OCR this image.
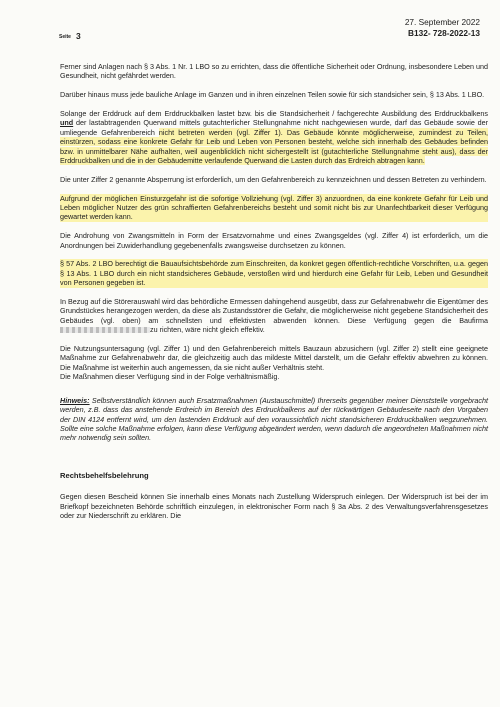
Seite 3
27. September 2022
B132- 728-2022-13

Ferner sind Anlagen nach § 3 Abs. 1 Nr. 1 LBO so zu errichten, dass die öffentliche Sicherheit oder Ordnung, insbesondere Leben und Gesundheit, nicht gefährdet werden.

Darüber hinaus muss jede bauliche Anlage im Ganzen und in ihren einzelnen Teilen sowie für sich standsicher sein, § 13 Abs. 1 LBO.

Solange der Erddruck auf dem Erddruckbalken lastet bzw. bis die Standsicherheit / fachgerechte Ausbildung des Erddruckbalkens und der lastabtragenden Querwand mittels gutachterlicher Stellungnahme nicht nachgewiesen wurde, darf das Gebäude sowie der umliegende Gefahrenbereich nicht betreten werden (vgl. Ziffer 1). Das Gebäude könnte möglicherweise, zumindest zu Teilen, einstürzen, sodass eine konkrete Gefahr für Leib und Leben von Personen besteht, welche sich innerhalb des Gebäudes befinden bzw. in unmittelbarer Nähe aufhalten, weil augenblicklich nicht sichergestellt ist (gutachterliche Stellungnahme steht aus), dass der Erddruckbalken und die in der Gebäudemitte verlaufende Querwand die Lasten durch das Erdreich abtragen kann.

Die unter Ziffer 2 genannte Absperrung ist erforderlich, um den Gefahrenbereich zu kennzeichnen und dessen Betreten zu verhindern.

Aufgrund der möglichen Einsturzgefahr ist die sofortige Vollziehung (vgl. Ziffer 3) anzuordnen, da eine konkrete Gefahr für Leib und Leben möglicher Nutzer des grün schraffierten Gefahrenbereichs besteht und somit nicht bis zur Unanfechtbarkeit dieser Verfügung gewartet werden kann.

Die Androhung von Zwangsmitteln in Form der Ersatzvornahme und eines Zwangsgeldes (vgl. Ziffer 4) ist erforderlich, um die Anordnungen bei Zuwiderhandlung gegebenenfalls zwangsweise durchsetzen zu können.

§ 57 Abs. 2 LBO berechtigt die Bauaufsichtsbehörde zum Einschreiten, da konkret gegen öffentlich-rechtliche Vorschriften, u.a. gegen § 13 Abs. 1 LBO durch ein nicht standsicheres Gebäude, verstoßen wird und hierdurch eine Gefahr für Leib, Leben und Gesundheit von Personen gegeben ist.

In Bezug auf die Störerauswahl wird das behördliche Ermessen dahingehend ausgeübt, dass zur Gefahrenabwehr die Eigentümer des Grundstückes herangezogen werden, da diese als Zustandsstörer die Gefahr, die möglicherweise nicht gegebene Standsicherheit des Gebäudes (vgl. oben) am schnellsten und effektivsten abwenden können. Diese Verfügung gegen die Baufirma zu richten, wäre nicht gleich effektiv.

Die Nutzungsuntersagung (vgl. Ziffer 1) und den Gefahrenbereich mittels Bauzaun abzusichern (vgl. Ziffer 2) stellt eine geeignete Maßnahme zur Gefahrenabwehr dar, die gleichzeitig auch das mildeste Mittel darstellt, um die Gefahr effektiv abwehren zu können. Die Maßnahme ist weiterhin auch angemessen, da sie nicht außer Verhältnis steht.
Die Maßnahmen dieser Verfügung sind in der Folge verhältnismäßig.

Hinweis: Selbstverständlich können auch Ersatzmaßnahmen (Austauschmittel) Ihrerseits gegenüber meiner Dienststelle vorgebracht werden, z.B. dass das anstehende Erdreich im Bereich des Erdruckbalkens auf der rückwärtigen Gebäudeseite nach den Vorgaben der DIN 4124 entfernt wird, um den lastenden Erddruck auf den voraussichtlich nicht standsicheren Erddruckbalken wegzunehmen. Sollte eine solche Maßnahme erfolgen, kann diese Verfügung abgeändert werden, wenn dadurch die angeordneten Maßnahmen nicht mehr notwendig sein sollten.

Rechtsbehelfsbelehrung

Gegen diesen Bescheid können Sie innerhalb eines Monats nach Zustellung Widerspruch einlegen. Der Widerspruch ist bei der im Briefkopf bezeichneten Behörde schriftlich einzulegen, in elektronischer Form nach § 3a Abs. 2 des Verwaltungsverfahrensgesetzes oder zur Niederschrift zu erklären. Die
